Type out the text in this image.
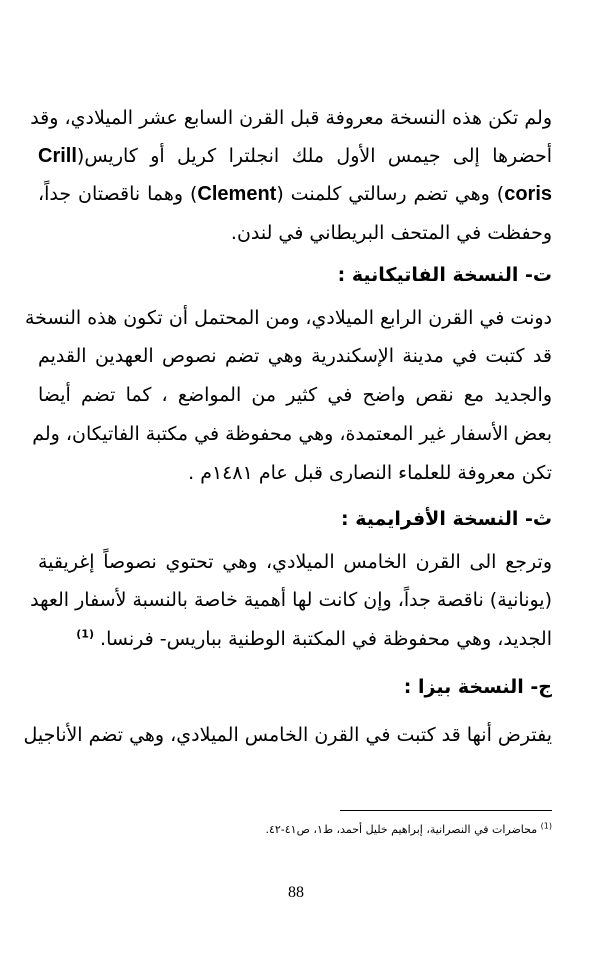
ولم تكن هذه النسخة معروفة قبل القرن السابع عشر الميلادي، وقد
أحضرها إلى جيمس الأول ملك انجلترا كريل أو كاريس(Crill
coris) وهي تضم رسالتي كلمنت (Clement) وهما ناقصتان جداً،
وحفظت في المتحف البريطاني في لندن.
ت- النسخة الفاتيكانية :
دونت في القرن الرابع الميلادي، ومن المحتمل أن تكون هذه النسخة
قد كتبت في مدينة الإسكندرية وهي تضم نصوص العهدين القديم
والجديد مع نقص واضح في كثير من المواضع ، كما تضم أيضا
بعض الأسفار غير المعتمدة، وهي محفوظة في مكتبة الفاتيكان، ولم
تكن معروفة للعلماء النصارى قبل عام ١٤٨١م .
ث- النسخة الأفرايمية :
وترجع الى القرن الخامس الميلادي، وهي تحتوي نصوصاً إغريقية
(يونانية) ناقصة جداً، وإن كانت لها أهمية خاصة بالنسبة لأسفار العهد
الجديد، وهي محفوظة في المكتبة الوطنية بباريس- فرنسا. $^{(1)}$
ج- النسخة بيزا :
يفترض أنها قد كتبت في القرن الخامس الميلادي، وهي تضم الأناجيل
$^{(1)}$ محاضرات في النصرانية، إبراهيم خليل أحمد، ط١، ص٤١-٤٢.
88
